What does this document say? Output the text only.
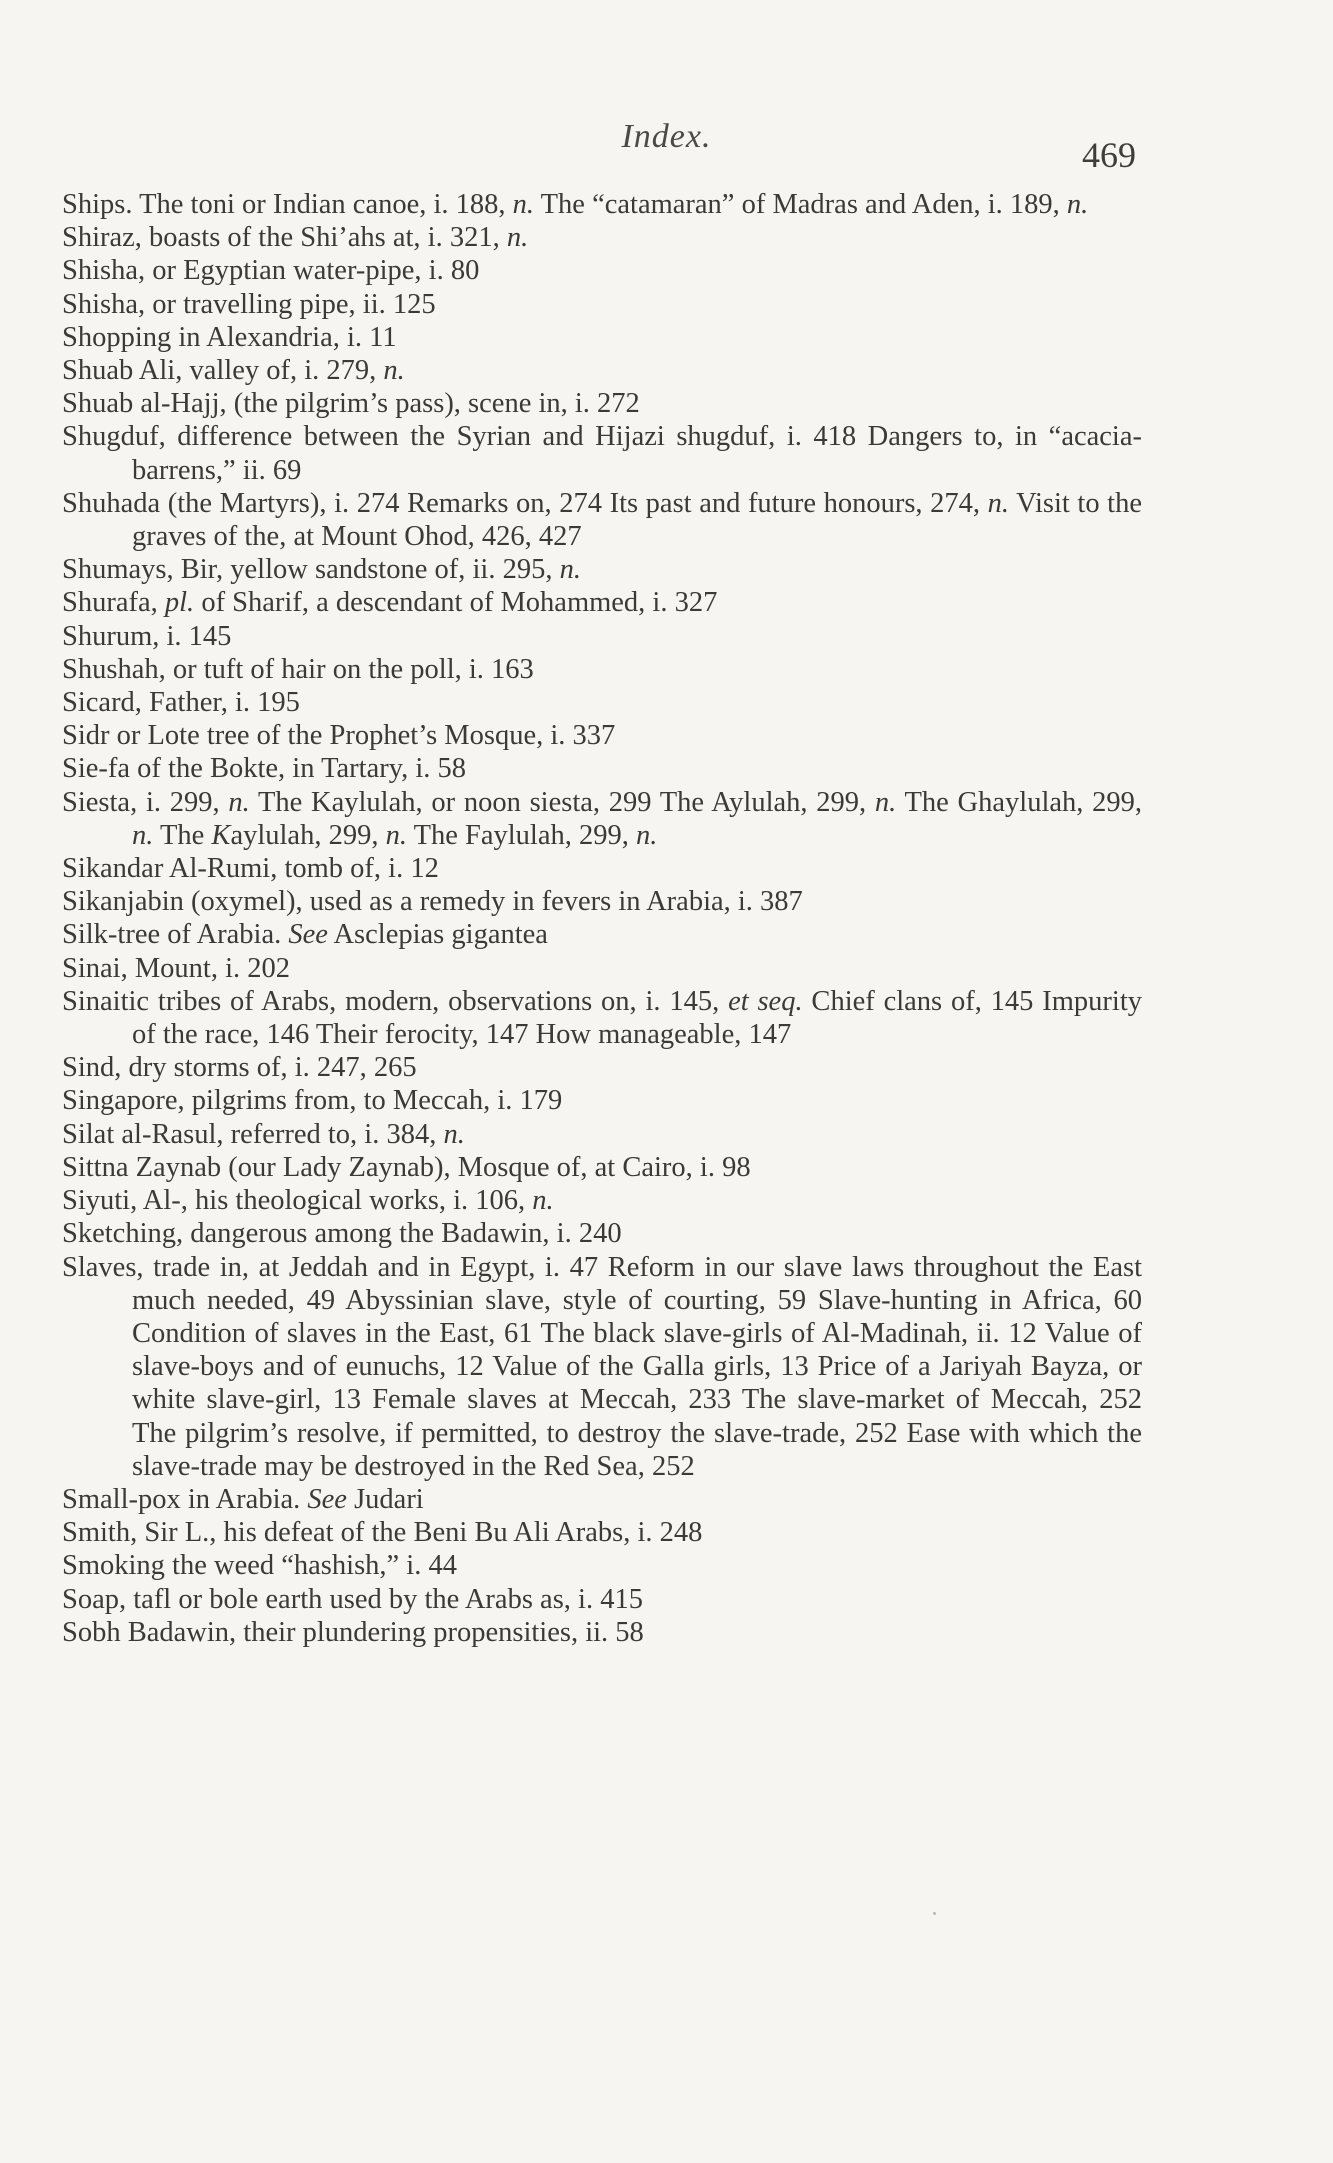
Index.	469

Ships. The toni or Indian canoe, i. 188, n. The “catamaran” of Madras and Aden, i. 189, n.

Shiraz, boasts of the Shi’ahs at, i. 321, n.

Shisha, or Egyptian water-pipe, i. 80

Shisha, or travelling pipe, ii. 125

Shopping in Alexandria, i. 11

Shuab Ali, valley of, i. 279, n.

Shuab al-Hajj, (the pilgrim’s pass), scene in, i. 272

Shugduf, difference between the Syrian and Hijazi shugduf, i. 418 Dangers to, in “acacia-barrens,” ii. 69

Shuhada (the Martyrs), i. 274 Remarks on, 274 Its past and future honours, 274, n. Visit to the graves of the, at Mount Ohod, 426, 427

Shumays, Bir, yellow sandstone of, ii. 295, n.

Shurafa, pl. of Sharif, a descendant of Mohammed, i. 327

Shurum, i. 145

Shushah, or tuft of hair on the poll, i. 163

Sicard, Father, i. 195

Sidr or Lote tree of the Prophet’s Mosque, i. 337

Sie-fa of the Bokte, in Tartary, i. 58

Siesta, i. 299, n. The Kaylulah, or noon siesta, 299 The Aylulah, 299, n. The Ghaylulah, 299, n. The Kaylulah, 299, n. The Faylulah, 299, n.

Sikandar Al-Rumi, tomb of, i. 12

Sikanjabin (oxymel), used as a remedy in fevers in Arabia, i. 387

Silk-tree of Arabia. See Asclepias gigantea

Sinai, Mount, i. 202

Sinaitic tribes of Arabs, modern, observations on, i. 145, et seq. Chief clans of, 145 Impurity of the race, 146 Their ferocity, 147 How manageable, 147

Sind, dry storms of, i. 247, 265

Singapore, pilgrims from, to Meccah, i. 179

Silat al-Rasul, referred to, i. 384, n.

Sittna Zaynab (our Lady Zaynab), Mosque of, at Cairo, i. 98

Siyuti, Al-, his theological works, i. 106, n.

Sketching, dangerous among the Badawin, i. 240

Slaves, trade in, at Jeddah and in Egypt, i. 47 Reform in our slave laws throughout the East much needed, 49 Abyssinian slave, style of courting, 59 Slave-hunting in Africa, 60 Condition of slaves in the East, 61 The black slave-girls of Al-Madinah, ii. 12 Value of slave-boys and of eunuchs, 12 Value of the Galla girls, 13 Price of a Jariyah Bayza, or white slave-girl, 13 Female slaves at Meccah, 233 The slave-market of Meccah, 252 The pilgrim’s resolve, if permitted, to destroy the slave-trade, 252 Ease with which the slave-trade may be destroyed in the Red Sea, 252

Small-pox in Arabia. See Judari

Smith, Sir L., his defeat of the Beni Bu Ali Arabs, i. 248

Smoking the weed “hashish,” i. 44

Soap, tafl or bole earth used by the Arabs as, i. 415

Sobh Badawin, their plundering propensities, ii. 58
